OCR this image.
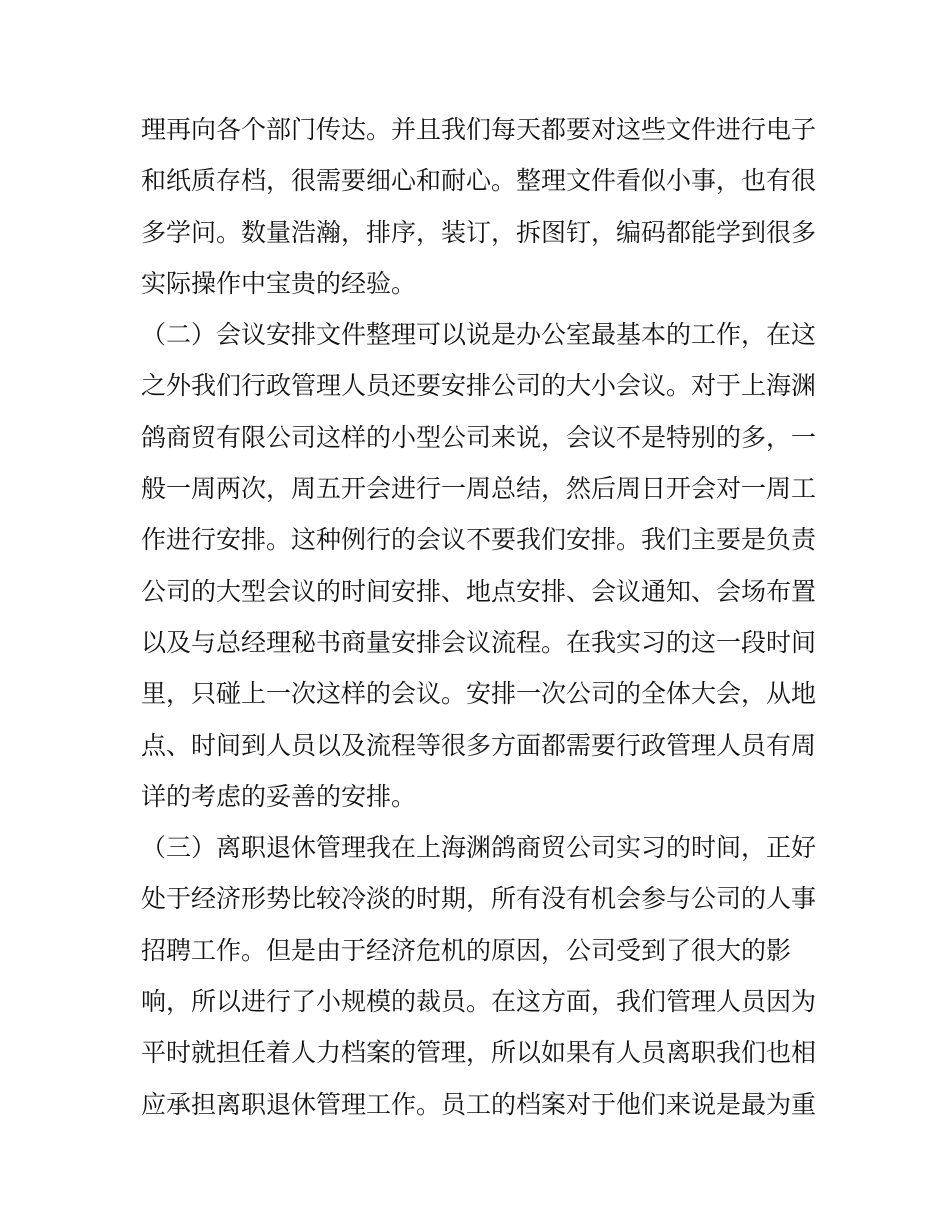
理再向各个部门传达。并且我们每天都要对这些文件进行电子
和纸质存档，很需要细心和耐心。整理文件看似小事，也有很
多学问。数量浩瀚，排序，装订，拆图钉，编码都能学到很多
实际操作中宝贵的经验。
（二）会议安排文件整理可以说是办公室最基本的工作，在这
之外我们行政管理人员还要安排公司的大小会议。对于上海渊
鸽商贸有限公司这样的小型公司来说，会议不是特别的多，一
般一周两次，周五开会进行一周总结，然后周日开会对一周工
作进行安排。这种例行的会议不要我们安排。我们主要是负责
公司的大型会议的时间安排、地点安排、会议通知、会场布置
以及与总经理秘书商量安排会议流程。在我实习的这一段时间
里，只碰上一次这样的会议。安排一次公司的全体大会，从地
点、时间到人员以及流程等很多方面都需要行政管理人员有周
详的考虑的妥善的安排。
（三）离职退休管理我在上海渊鸽商贸公司实习的时间，正好
处于经济形势比较冷淡的时期，所有没有机会参与公司的人事
招聘工作。但是由于经济危机的原因，公司受到了很大的影
响，所以进行了小规模的裁员。在这方面，我们管理人员因为
平时就担任着人力档案的管理，所以如果有人员离职我们也相
应承担离职退休管理工作。员工的档案对于他们来说是最为重
